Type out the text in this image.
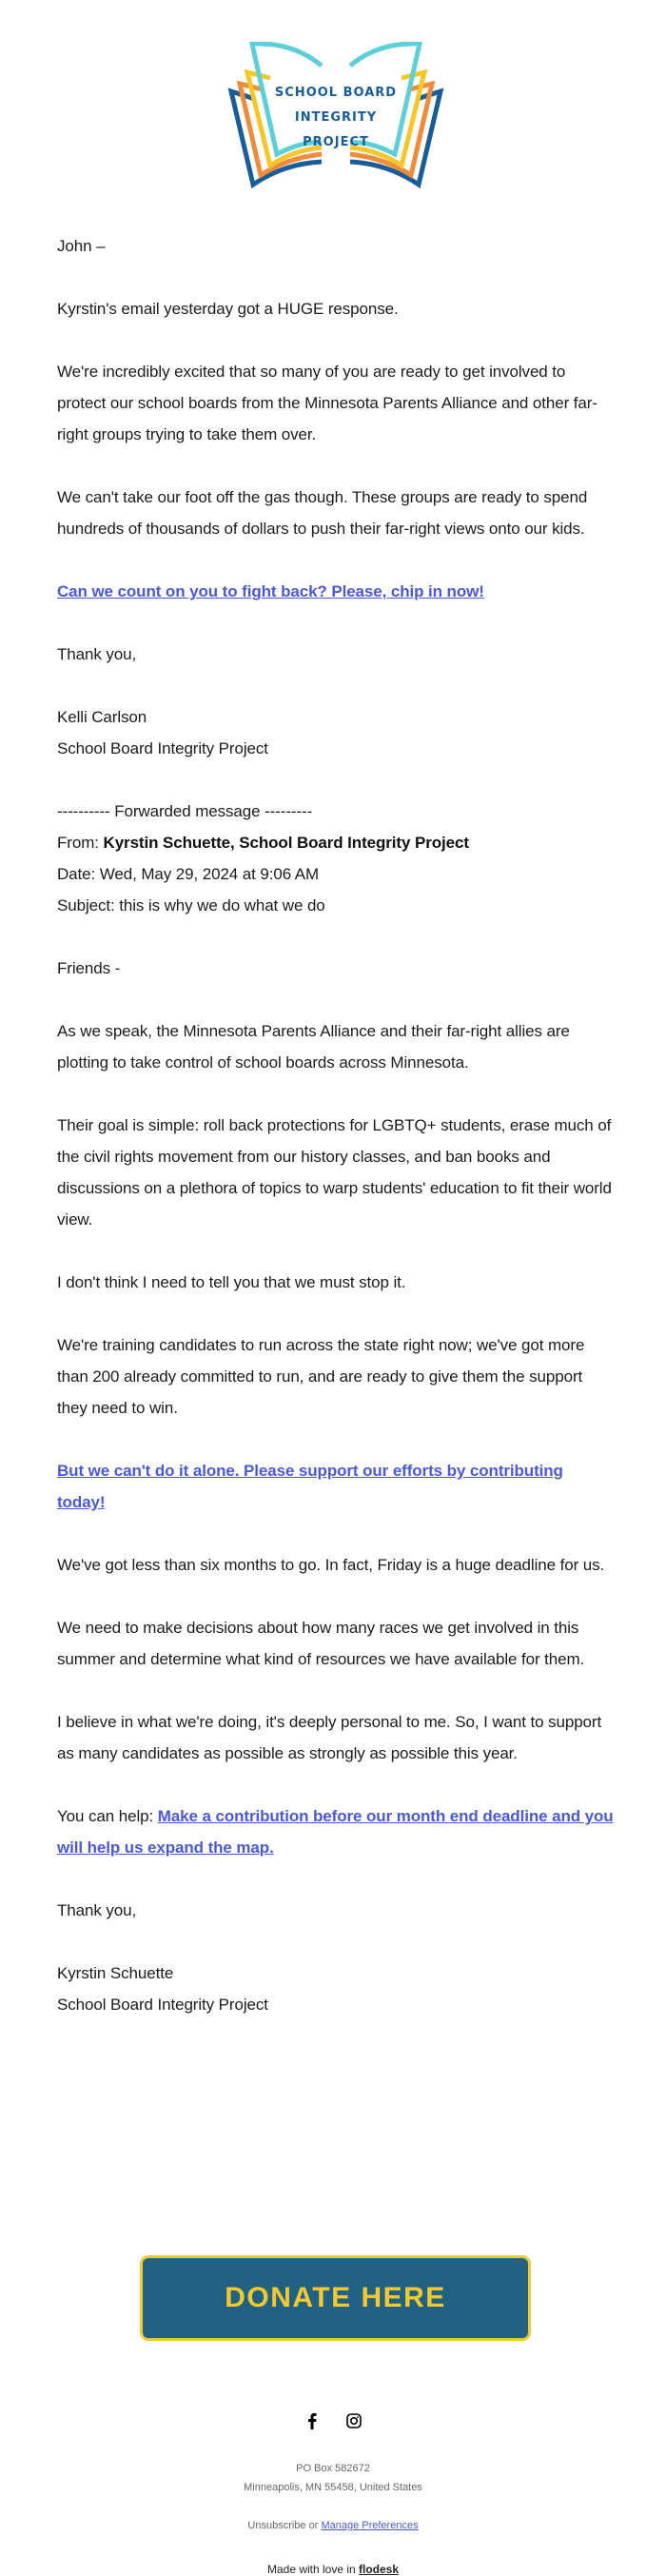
SCHOOL BOARD
INTEGRITY
PROJECT

John –

Kyrstin's email yesterday got a HUGE response.

We're incredibly excited that so many of you are ready to get involved to protect our school boards from the Minnesota Parents Alliance and other far-right groups trying to take them over.

We can't take our foot off the gas though. These groups are ready to spend hundreds of thousands of dollars to push their far-right views onto our kids.

Can we count on you to fight back? Please, chip in now!

Thank you,

Kelli Carlson

School Board Integrity Project

---------- Forwarded message ---------

From: Kyrstin Schuette, School Board Integrity Project

Date: Wed, May 29, 2024 at 9:06 AM

Subject: this is why we do what we do

Friends -

As we speak, the Minnesota Parents Alliance and their far-right allies are plotting to take control of school boards across Minnesota.

Their goal is simple: roll back protections for LGBTQ+ students, erase much of the civil rights movement from our history classes, and ban books and discussions on a plethora of topics to warp students' education to fit their world view.

I don't think I need to tell you that we must stop it.

We're training candidates to run across the state right now; we've got more than 200 already committed to run, and are ready to give them the support they need to win.

But we can't do it alone. Please support our efforts by contributing today!

We've got less than six months to go. In fact, Friday is a huge deadline for us.

We need to make decisions about how many races we get involved in this summer and determine what kind of resources we have available for them.

I believe in what we're doing, it's deeply personal to me. So, I want to support as many candidates as possible as strongly as possible this year.

You can help: Make a contribution before our month end deadline and you will help us expand the map.

Thank you,

Kyrstin Schuette

School Board Integrity Project

DONATE HERE
PO Box 582672
Minneapolis, MN 55458, United States
Unsubscribe or Manage Preferences
Made with love in flodesk
